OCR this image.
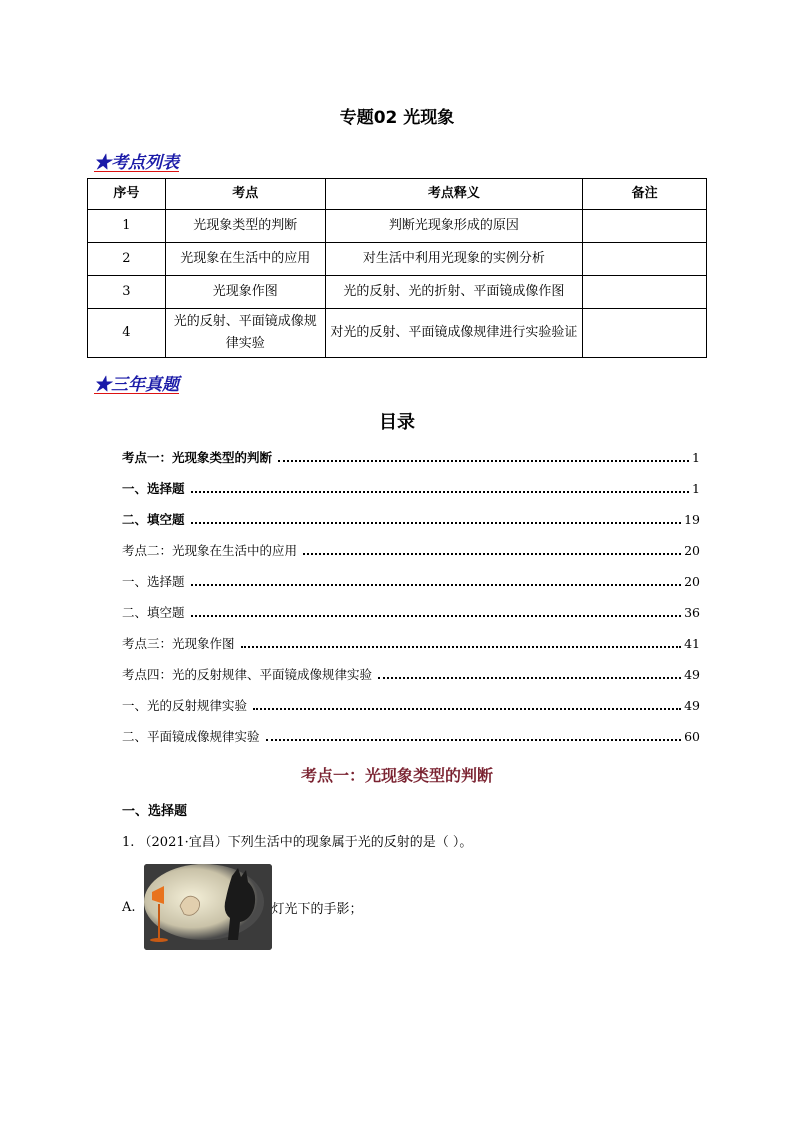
专题02 光现象
★考点列表
序号	考点	考点释义	备注
1	光现象类型的判断	判断光现象形成的原因	
2	光现象在生活中的应用	对生活中利用光现象的实例分析	
3	光现象作图	光的反射、光的折射、平面镜成像作图	
4	光的反射、平面镜成像规律实验	对光的反射、平面镜成像规律进行实验验证	
★三年真题
目录
考点一：光现象类型的判断	1
一、选择题	1
二、填空题	19
考点二：光现象在生活中的应用	20
一、选择题	20
二、填空题	36
考点三：光现象作图	41
考点四：光的反射规律、平面镜成像规律实验	49
一、光的反射规律实验	49
二、平面镜成像规律实验	60
考点一：光现象类型的判断
一、选择题
1. （2021·宜昌）下列生活中的现象属于光的反射的是（ ）。
A.	灯光下的手影；
